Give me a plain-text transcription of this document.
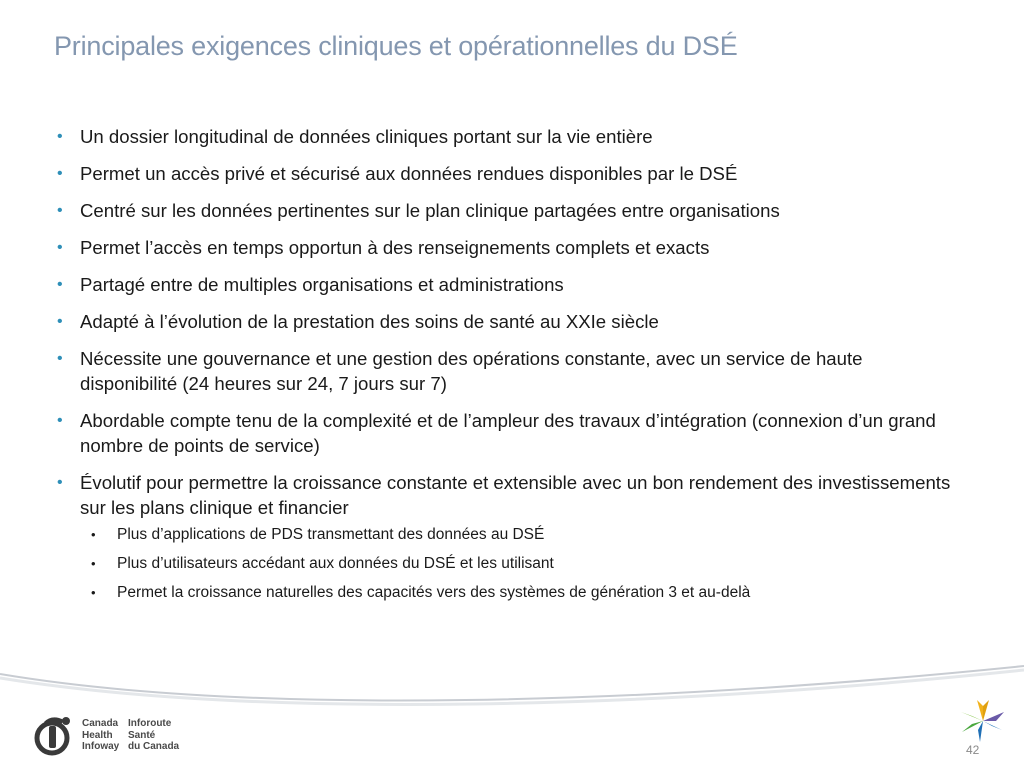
Principales exigences cliniques et opérationnelles du DSÉ
• Un dossier longitudinal de données cliniques portant sur la vie entière
• Permet un accès privé et sécurisé aux données rendues disponibles par le DSÉ
• Centré sur les données pertinentes sur le plan clinique partagées entre organisations
• Permet l’accès en temps opportun à des renseignements complets et exacts
• Partagé entre de multiples organisations et administrations
• Adapté à l’évolution de la prestation des soins de santé au XXIe siècle
• Nécessite une gouvernance et une gestion des opérations constante, avec un service de haute disponibilité (24 heures sur 24, 7 jours sur 7)
• Abordable compte tenu de la complexité et de l’ampleur des travaux d’intégration (connexion d’un grand nombre de points de service)
• Évolutif pour permettre la croissance constante et extensible avec un bon rendement des investissements sur les plans clinique et financier
• Plus d’applications de PDS transmettant des données au DSÉ
• Plus d’utilisateurs accédant aux données du DSÉ et les utilisant
• Permet la croissance naturelles des capacités vers des systèmes de génération 3 et au-delà
Canada
Health
Infoway
Inforoute
Santé
du Canada	42
